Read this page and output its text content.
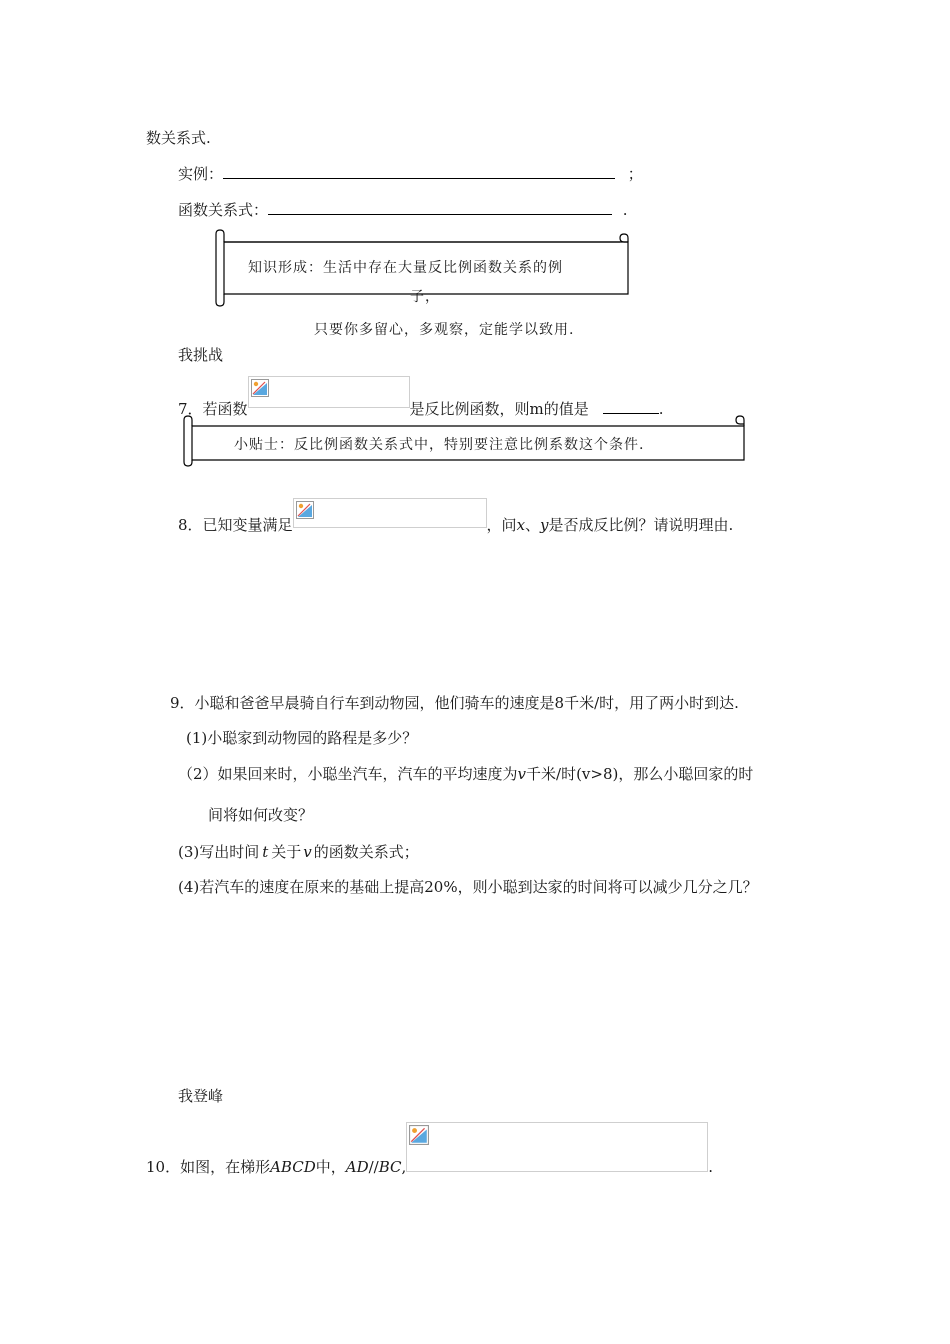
数关系式.
实例：	；
函数关系式：	.
知识形成：生活中存在大量反比例函数关系的例
子，
只要你多留心，多观察，定能学以致用.
我挑战
7．若函数	是反比例函数，则m的值是	.
小贴士：反比例函数关系式中，特别要注意比例系数这个条件.
8．已知变量满足	，问x、y是否成反比例？请说明理由.
9．小聪和爸爸早晨骑自行车到动物园，他们骑车的速度是8千米/时，用了两小时到达.
(1)小聪家到动物园的路程是多少？
（2）如果回来时，小聪坐汽车，汽车的平均速度为v千米/时(v>8)，那么小聪回家的时
间将如何改变？
(3)写出时间 t 关于 v 的函数关系式；
(4)若汽车的速度在原来的基础上提高20%，则小聪到达家的时间将可以减少几分之几？
我登峰
10．如图，在梯形ABCD中，AD//BC,	.
